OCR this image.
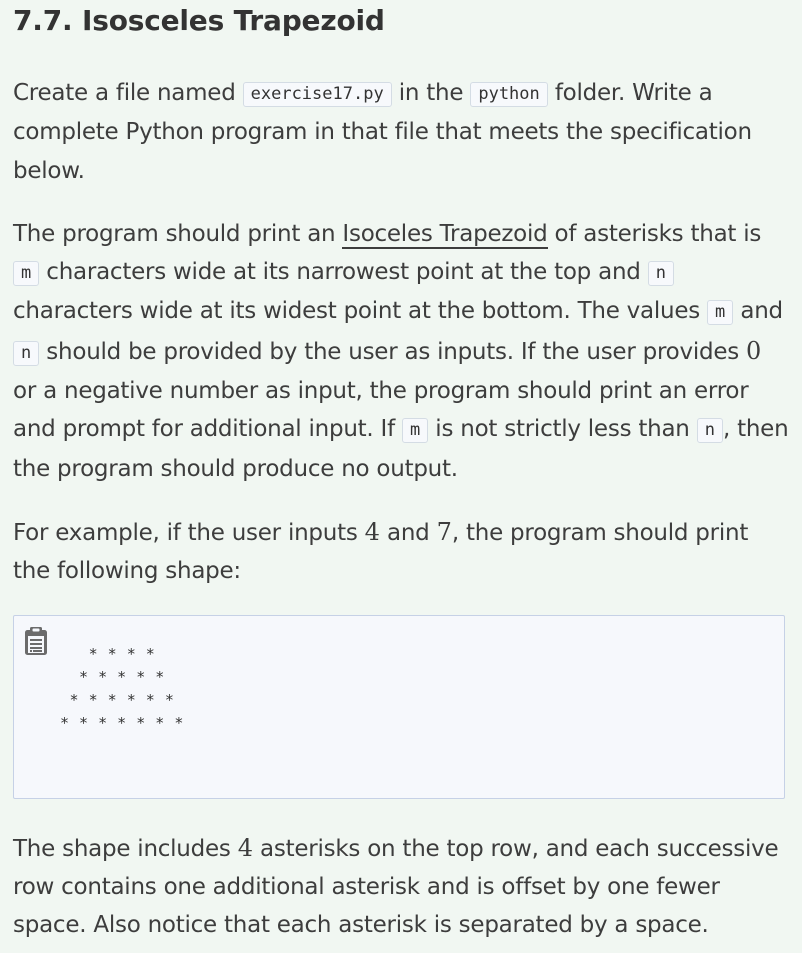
7.7. Isosceles Trapezoid

Create a file named exercise17.py in the python folder. Write a complete Python program in that file that meets the specification below.

The program should print an Isoceles Trapezoid of asterisks that is m characters wide at its narrowest point at the top and n characters wide at its widest point at the bottom. The values m and n should be provided by the user as inputs. If the user provides 0 or a negative number as input, the program should print an error and prompt for additional input. If m is not strictly less than n , then the program should produce no output.

For example, if the user inputs 4 and 7, the program should print the following shape:

* * * *
* * * * *
* * * * * *
* * * * * * *

The shape includes 4 asterisks on the top row, and each successive row contains one additional asterisk and is offset by one fewer space. Also notice that each asterisk is separated by a space.
